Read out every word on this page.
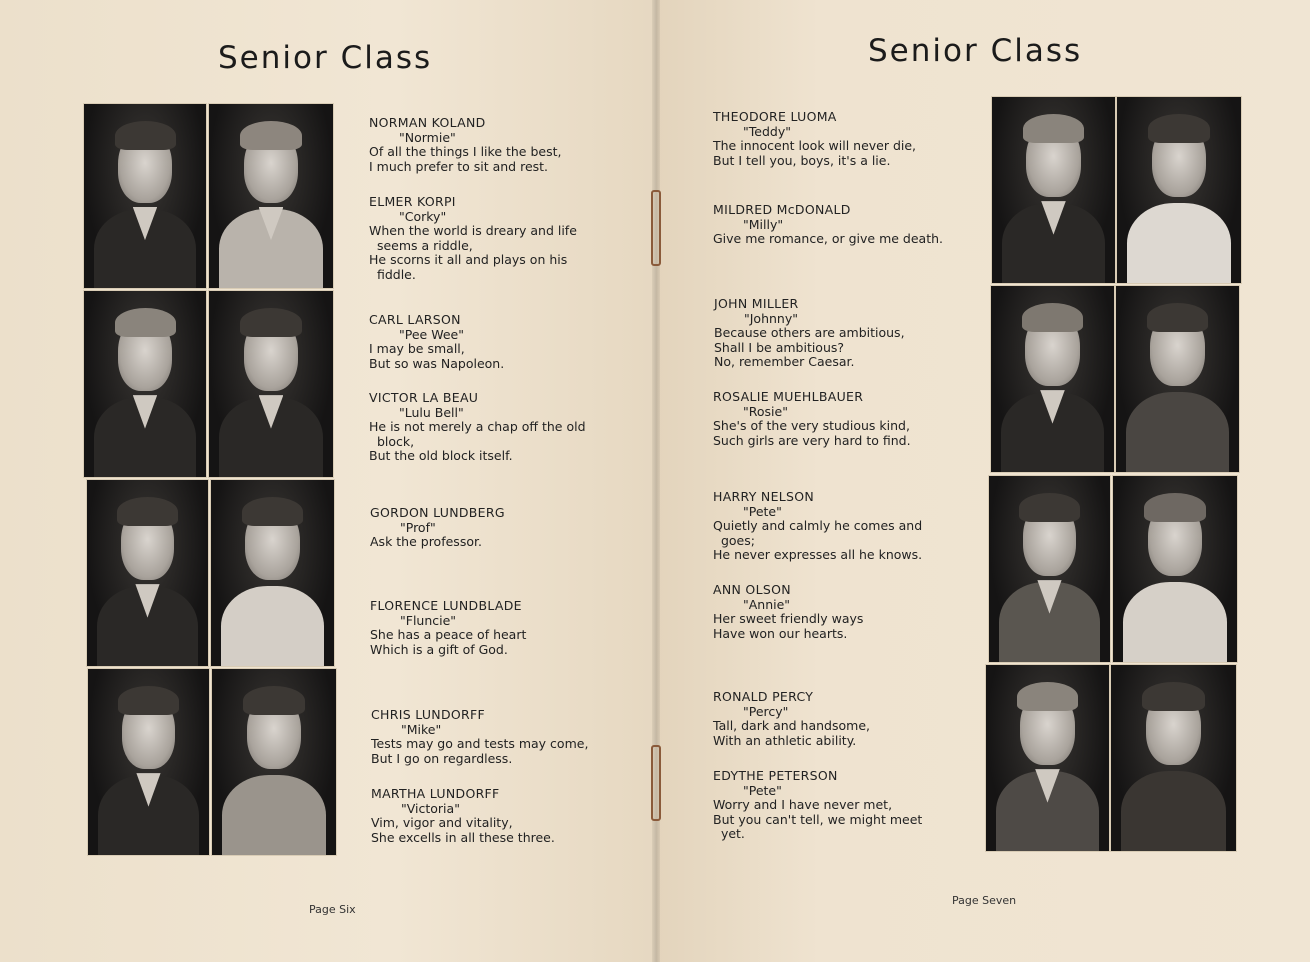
Senior Class
NORMAN KOLAND
"Normie"
Of all the things I like the best,
I much prefer to sit and rest.
ELMER KORPI
"Corky"
When the world is dreary and life
seems a riddle,
He scorns it all and plays on his
fiddle.
CARL LARSON
"Pee Wee"
I may be small,
But so was Napoleon.
VICTOR LA BEAU
"Lulu Bell"
He is not merely a chap off the old
block,
But the old block itself.
GORDON LUNDBERG
"Prof"
Ask the professor.
FLORENCE LUNDBLADE
"Fluncie"
She has a peace of heart
Which is a gift of God.
CHRIS LUNDORFF
"Mike"
Tests may go and tests may come,
But I go on regardless.
MARTHA LUNDORFF
"Victoria"
Vim, vigor and vitality,
She excells in all these three.
Page Six
Senior Class
THEODORE LUOMA
"Teddy"
The innocent look will never die,
But I tell you, boys, it's a lie.
MILDRED McDONALD
"Milly"
Give me romance, or give me death.
JOHN MILLER
"Johnny"
Because others are ambitious,
Shall I be ambitious?
No, remember Caesar.
ROSALIE MUEHLBAUER
"Rosie"
She's of the very studious kind,
Such girls are very hard to find.
HARRY NELSON
"Pete"
Quietly and calmly he comes and
goes;
He never expresses all he knows.
ANN OLSON
"Annie"
Her sweet friendly ways
Have won our hearts.
RONALD PERCY
"Percy"
Tall, dark and handsome,
With an athletic ability.
EDYTHE PETERSON
"Pete"
Worry and I have never met,
But you can't tell, we might meet
yet.
Page Seven
